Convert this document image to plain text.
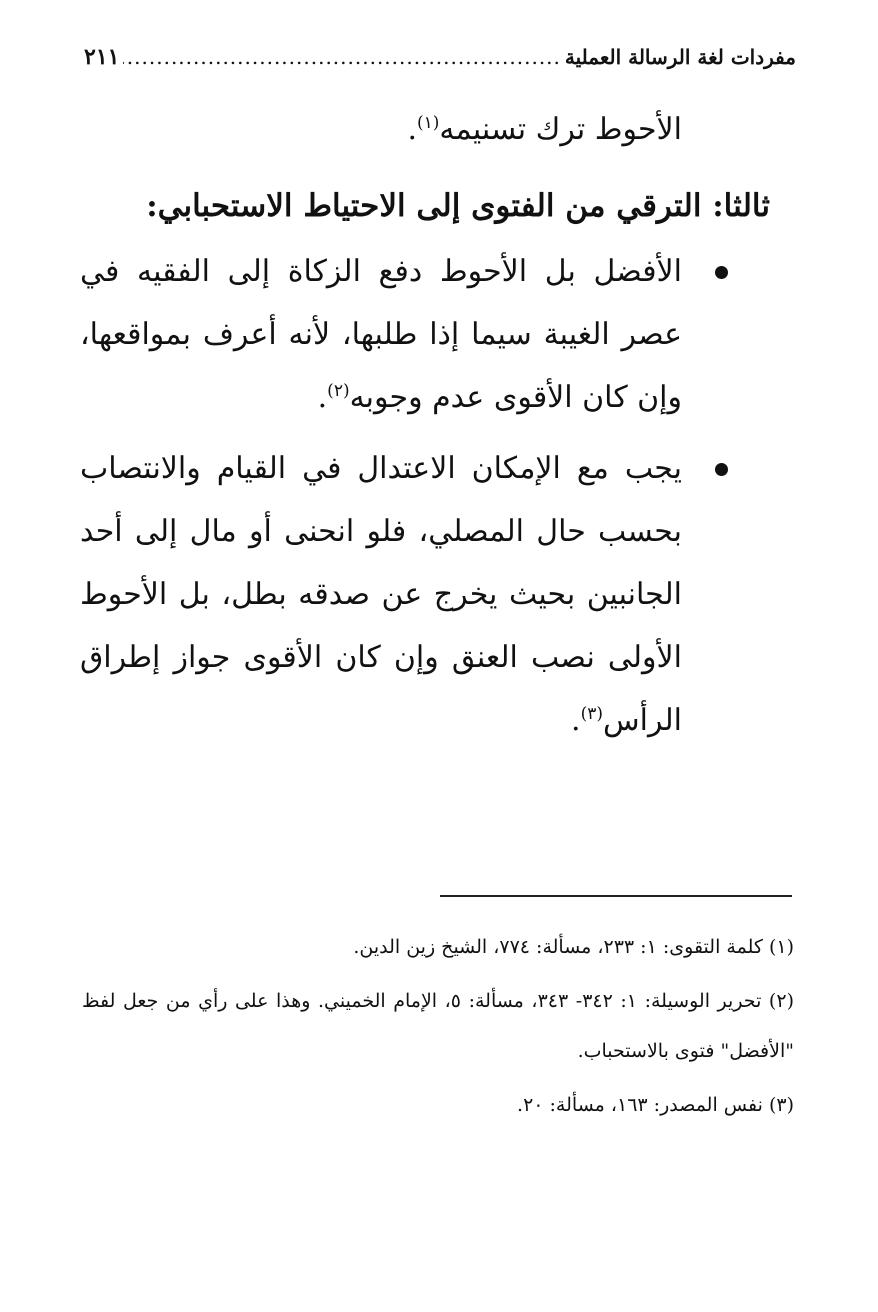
مفردات لغة الرسالة العملية
.....
٢١١

الأحوط ترك تسنيمه$^{(١)}$.

ثالثا: الترقي من الفتوى إلى الاحتياط الاستحبابي:
الأفضل بل الأحوط دفع الزكاة إلى الفقيه في عصر الغيبة سيما إذا طلبها، لأنه أعرف بمواقعها، وإن كان الأقوى عدم وجوبه$^{(٢)}$.
يجب مع الإمكان الاعتدال في القيام والانتصاب بحسب حال المصلي، فلو انحنى أو مال إلى أحد الجانبين بحيث يخرج عن صدقه بطل، بل الأحوط الأولى نصب العنق وإن كان الأقوى جواز إطراق الرأس$^{(٣)}$.

(١) كلمة التقوى: ١: ٢٣٣، مسألة: ٧٧٤، الشيخ زين الدين.

(٢) تحرير الوسيلة: ١: ٣٤٢- ٣٤٣، مسألة: ٥، الإمام الخميني. وهذا على رأي من جعل لفظ "الأفضل" فتوى بالاستحباب.

(٣) نفس المصدر: ١٦٣، مسألة: ٢٠.
